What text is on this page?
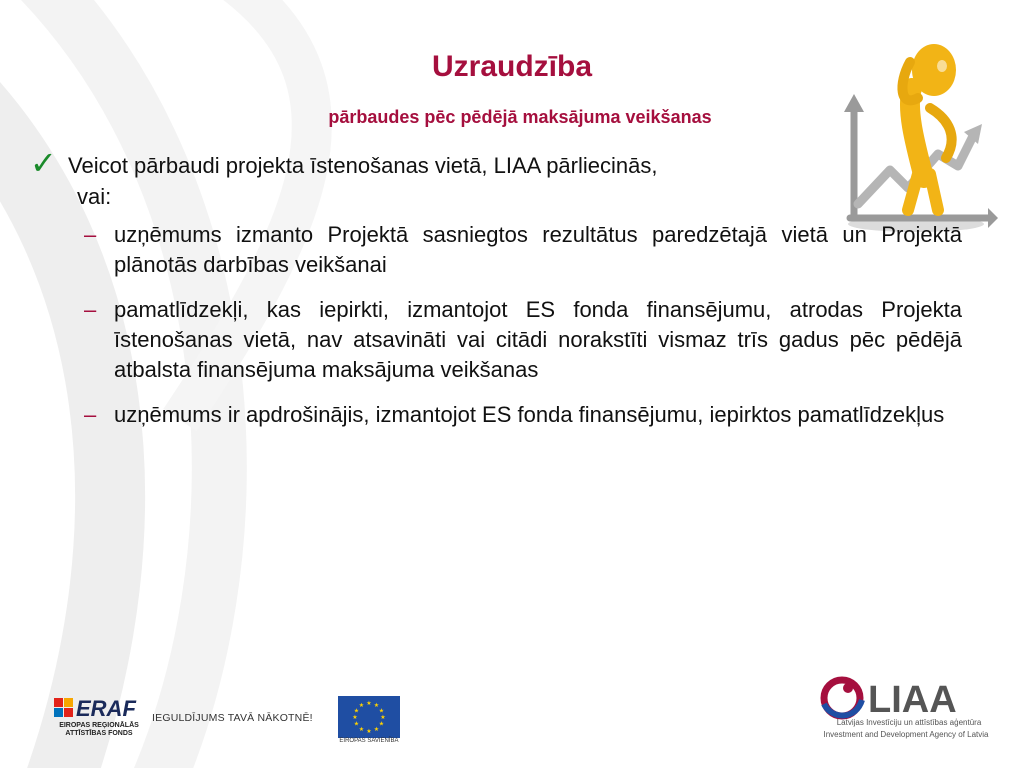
Uzraudzība
pārbaudes pēc pēdējā maksājuma veikšanas
✓ Veicot pārbaudi projekta īstenošanas vietā, LIAA pārliecinās,
vai:
– uzņēmums izmanto Projektā sasniegtos rezultātus paredzētajā vietā un Projektā plānotās darbības veikšanai
– pamatlīdzekļi, kas iepirkti, izmantojot ES fonda finansējumu, atrodas Projekta īstenošanas vietā, nav atsavināti vai citādi norakstīti vismaz trīs gadus pēc pēdējā atbalsta finansējuma maksājuma veikšanas
– uzņēmums ir apdrošinājis, izmantojot ES fonda finansējumu, iepirktos pamatlīdzekļus
ERAF
EIROPAS REĢIONĀLĀS
ATTĪSTĪBAS FONDS
IEGULDĪJUMS TAVĀ NĀKOTNĒ!
★ ★
★
★
★
★
★
★
★
★
★
★
EIROPAS SAVIENĪBA
LIAA
Latvijas Investīciju un attīstības aģentūra
Investment and Development Agency of Latvia
